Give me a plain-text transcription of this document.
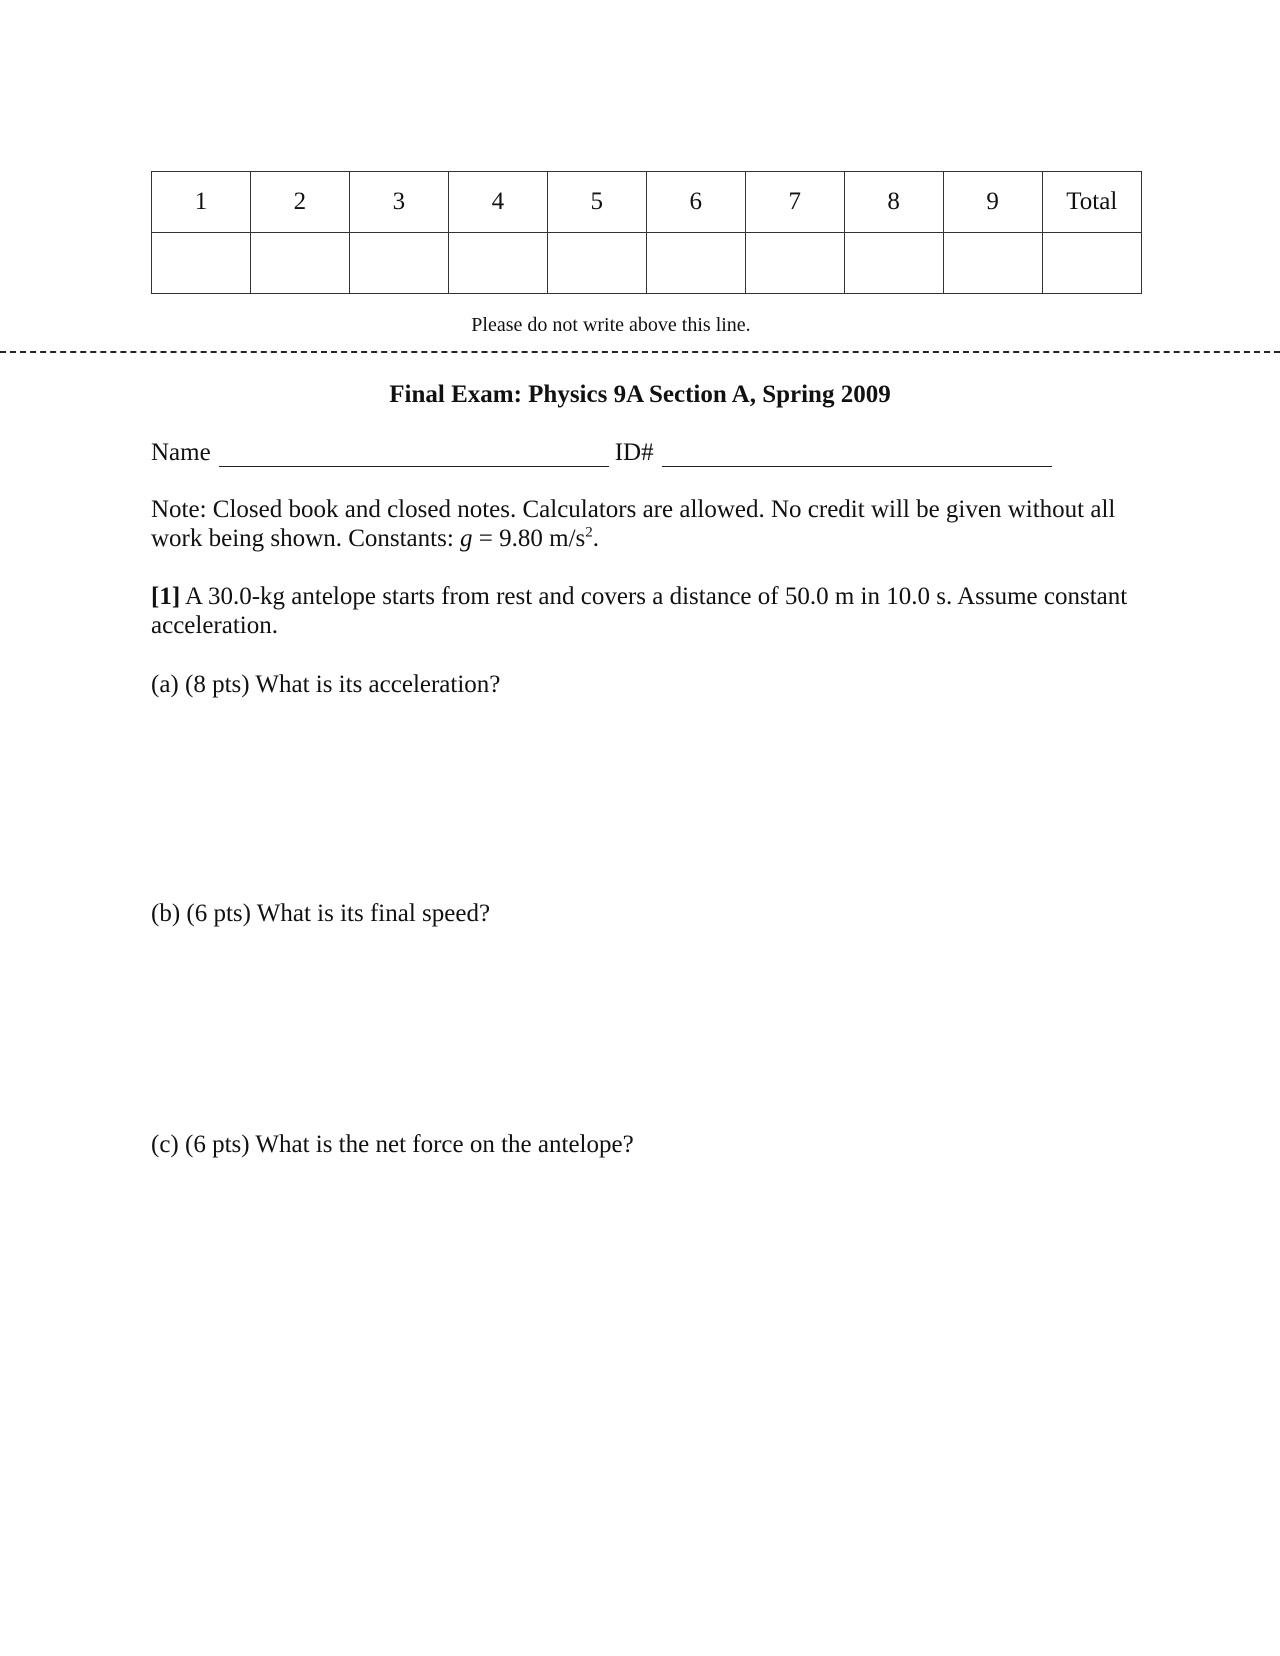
1	2	3	4	5	6	7	8	9	Total

Please do not write above this line.
Final Exam: Physics 9A Section A, Spring 2009
Name	ID#
Note: Closed book and closed notes. Calculators are allowed. No credit will be given without all work being shown. Constants: g = 9.80 $m/s^2$.
[1] A 30.0-kg antelope starts from rest and covers a distance of 50.0 m in 10.0 s. Assume constant acceleration.
(a) (8 pts) What is its acceleration?
(b) (6 pts) What is its final speed?
(c) (6 pts) What is the net force on the antelope?
